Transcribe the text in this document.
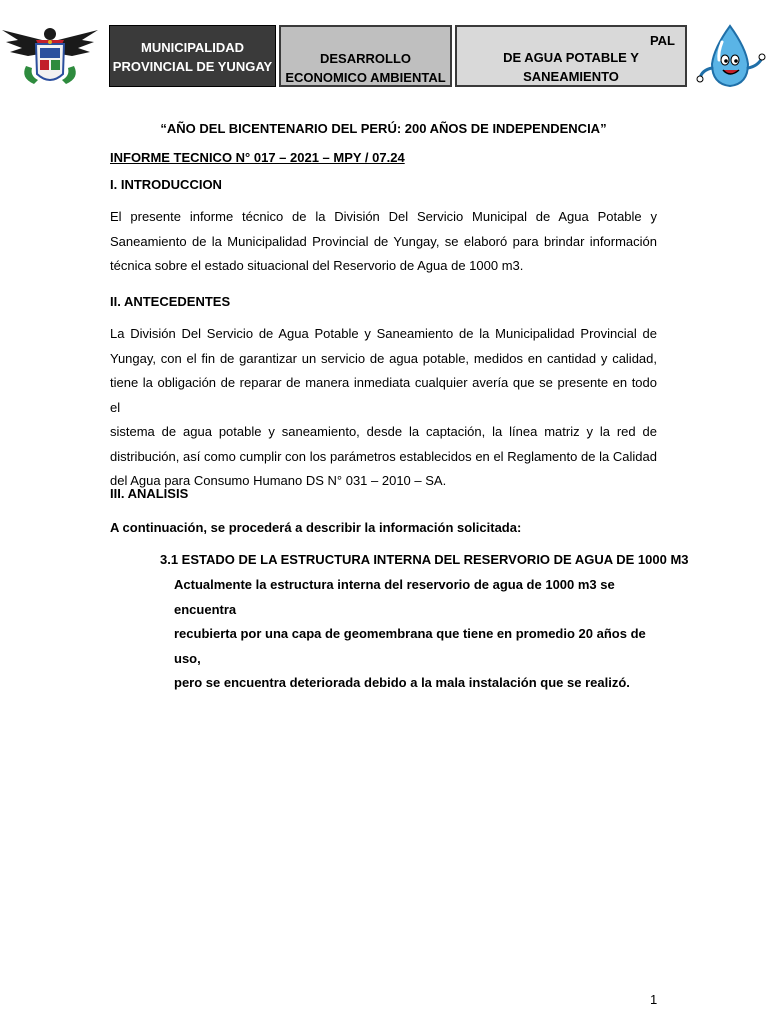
MUNICIPALIDAD
PROVINCIAL DE YUNGAY
DESARROLLO
ECONOMICO AMBIENTAL
PAL
DE AGUA POTABLE Y
SANEAMIENTO
“AÑO DEL BICENTENARIO DEL PERÚ: 200 AÑOS DE INDEPENDENCIA”
INFORME TECNICO N° 017 – 2021 – MPY / 07.24
I. INTRODUCCION
El presente informe técnico de la División Del Servicio Municipal de Agua Potable y
Saneamiento de la Municipalidad Provincial de Yungay, se elaboró para brindar información
técnica sobre el estado situacional del Reservorio de Agua de 1000 m3.
II. ANTECEDENTES
La División Del Servicio de Agua Potable y Saneamiento de la Municipalidad Provincial de
Yungay, con el fin de garantizar un servicio de agua potable, medidos en cantidad y calidad,
tiene la obligación de reparar de manera inmediata cualquier avería que se presente en todo el
sistema de agua potable y saneamiento, desde la captación, la línea matriz y la red de
distribución, así como cumplir con los parámetros establecidos en el Reglamento de la Calidad
del Agua para Consumo Humano DS N° 031 – 2010 – SA.
III. ANALISIS
A continuación, se procederá a describir la información solicitada:
3.1 ESTADO DE LA ESTRUCTURA INTERNA DEL RESERVORIO DE AGUA DE 1000 M3
Actualmente la estructura interna del reservorio de agua de 1000 m3 se encuentra
recubierta por una capa de geomembrana que tiene en promedio 20 años de uso,
pero se encuentra deteriorada debido a la mala instalación que se realizó.
1
